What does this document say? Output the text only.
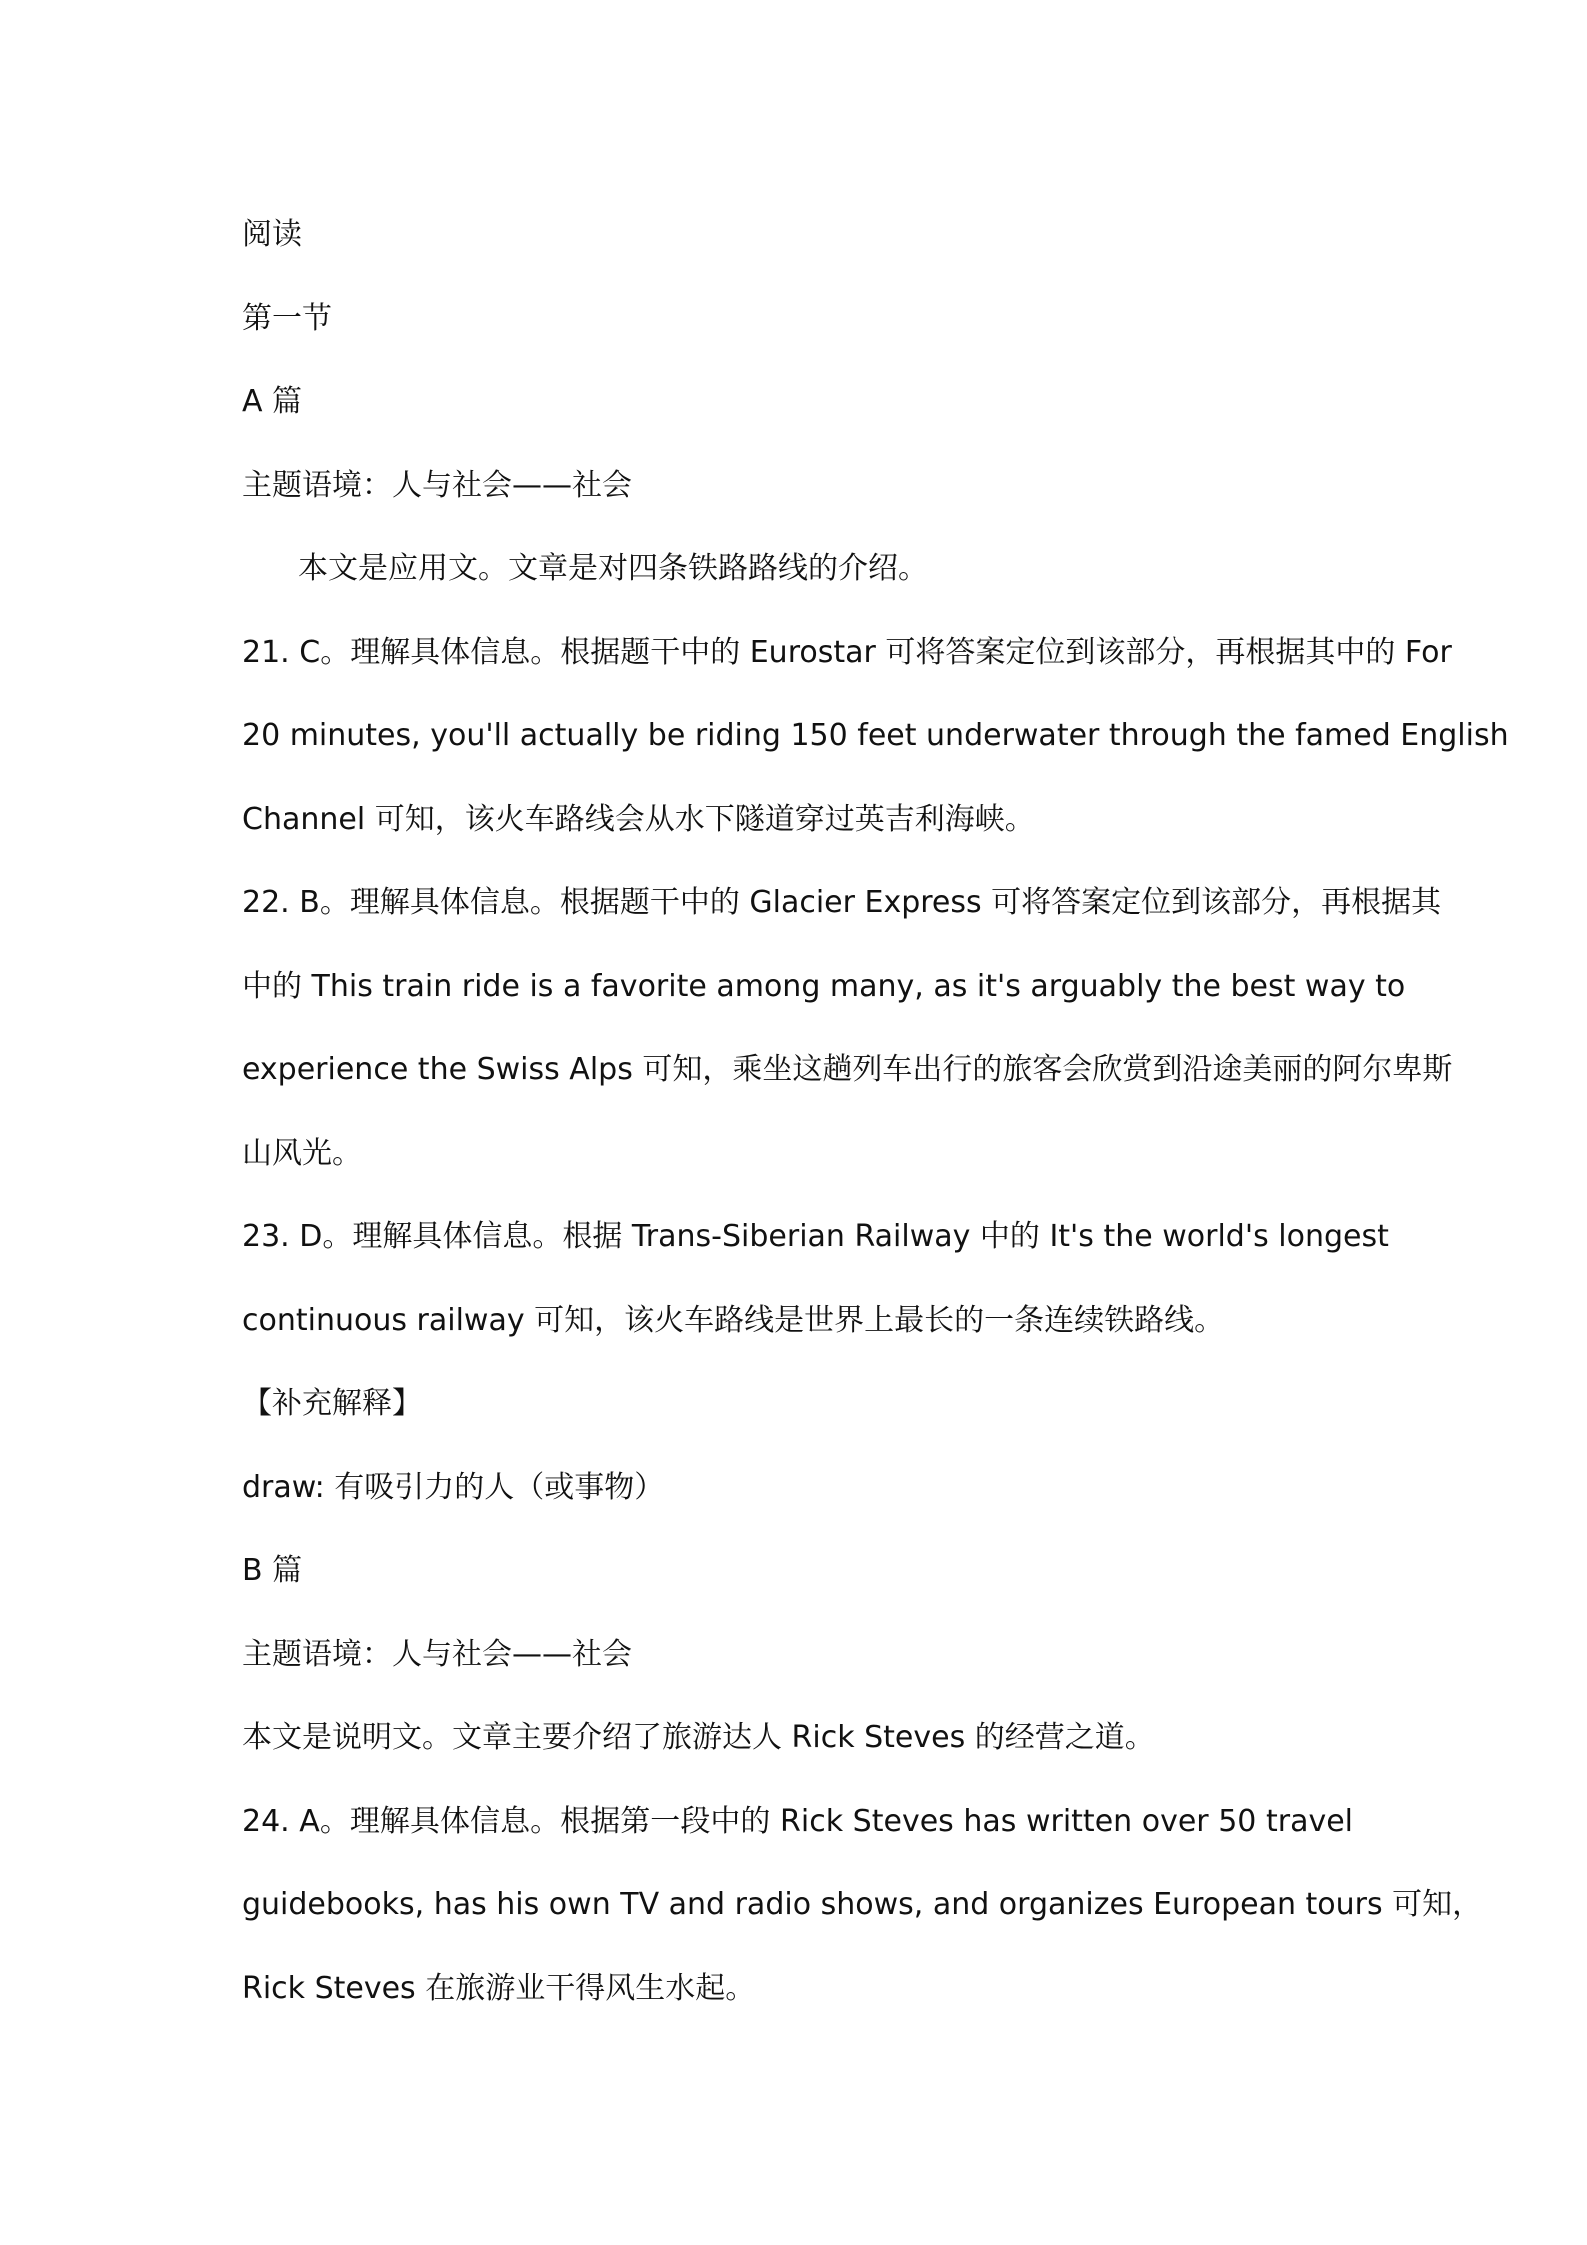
阅读
第一节
A 篇
主题语境：人与社会——社会
本文是应用文。文章是对四条铁路路线的介绍。
21. C。理解具体信息。根据题干中的 Eurostar 可将答案定位到该部分，再根据其中的 For
20 minutes, you'll actually be riding 150 feet underwater through the famed English
Channel 可知，该火车路线会从水下隧道穿过英吉利海峡。
22. B。理解具体信息。根据题干中的 Glacier Express 可将答案定位到该部分，再根据其
中的 This train ride is a favorite among many, as it's arguably the best way to
experience the Swiss Alps 可知，乘坐这趟列车出行的旅客会欣赏到沿途美丽的阿尔卑斯
山风光。
23. D。理解具体信息。根据 Trans-Siberian Railway 中的 It's the world's longest
continuous railway 可知，该火车路线是世界上最长的一条连续铁路线。
【补充解释】
draw: 有吸引力的人（或事物）
B 篇
主题语境：人与社会——社会
本文是说明文。文章主要介绍了旅游达人 Rick Steves 的经营之道。
24. A。理解具体信息。根据第一段中的 Rick Steves has written over 50 travel
guidebooks, has his own TV and radio shows, and organizes European tours 可知，
Rick Steves 在旅游业干得风生水起。
